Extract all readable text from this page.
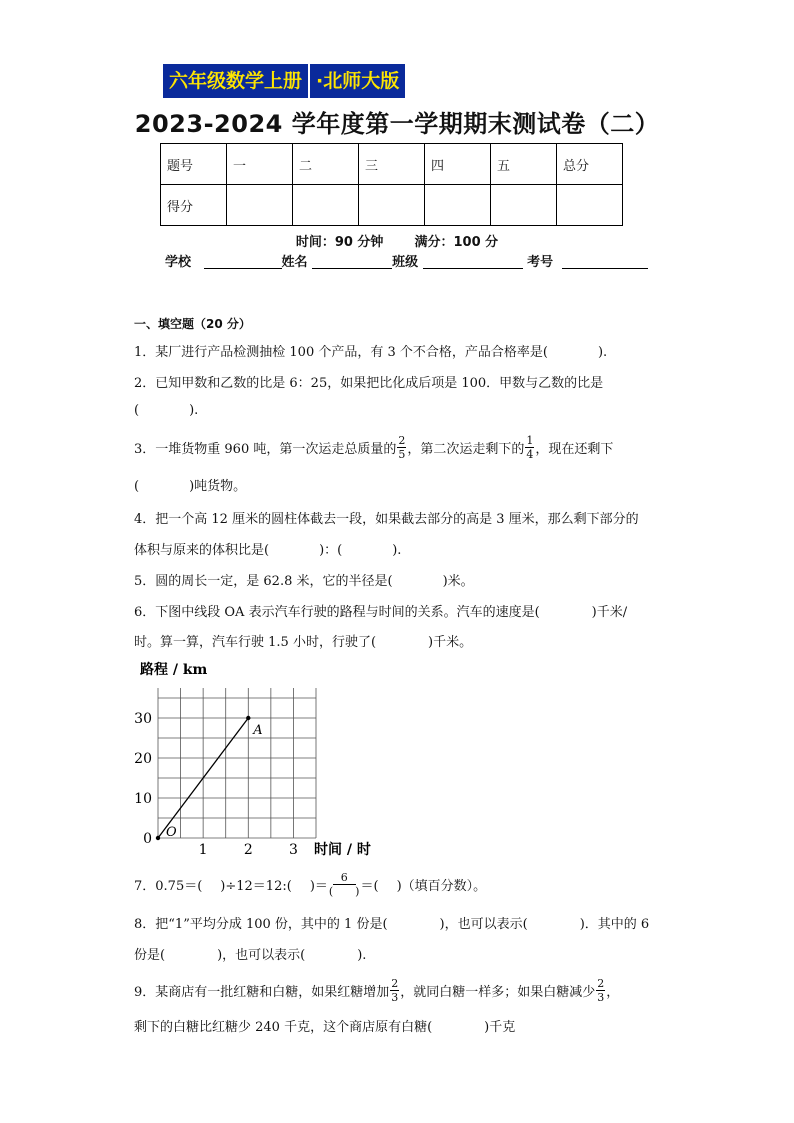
六年级数学上册 ·北师大版
2023-2024 学年度第一学期期末测试卷（二）
题号	一	二	三	四	五	总分
得分						
时间：90 分钟 满分：100 分
学校	姓名	班级	考号
一、填空题（20 分）
1．某厂进行产品检测抽检 100 个产品，有 3 个不合格，产品合格率是(	).
2．已知甲数和乙数的比是 6：25，如果把比化成后项是 100．甲数与乙数的比是
(	).
3．一堆货物重 960 吨，第一次运走总质量的 $\frac{2}{5}$ ，第二次运走剩下的 $\frac{1}{4}$ ，现在还剩下
(	)吨货物。
4．把一个高 12 厘米的圆柱体截去一段，如果截去部分的高是 3 厘米，那么剩下部分的
体积与原来的体积比是(	)：(	).
5．圆的周长一定，是 62.8 米，它的半径是(	)米。
6．下图中线段 OA 表示汽车行驶的路程与时间的关系。汽车的速度是(	)千米/
时。算一算，汽车行驶 1.5 小时，行驶了(	)千米。
路程 / km
0
10
20
30
1	2	3
O
A
时间 / 时
7．0.75＝( )÷12＝12:( )＝ $\frac{6}{( )}$ ＝( )（填百分数）。
8．把“1”平均分成 100 份，其中的 1 份是(	)，也可以表示(	)．其中的 6
份是(	)，也可以表示(	).
9．某商店有一批红糖和白糖，如果红糖增加 $\frac{2}{3}$ ，就同白糖一样多；如果白糖减少 $\frac{2}{3}$ ，
剩下的白糖比红糖少 240 千克，这个商店原有白糖(	)千克
